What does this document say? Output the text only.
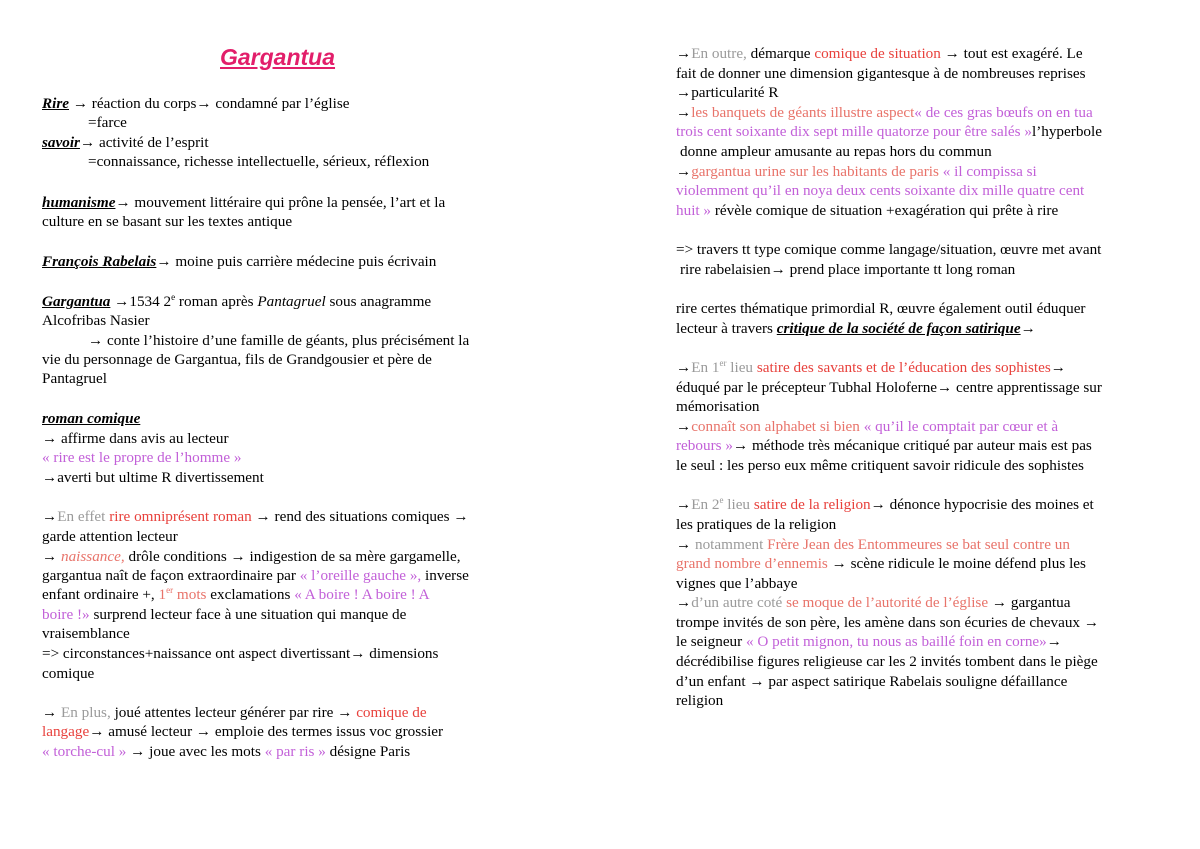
Gargantua
Rire → réaction du corps→ condamné par l’église
=farce
savoir→ activité de l’esprit
=connaissance, richesse intellectuelle, sérieux, réflexion
humanisme→ mouvement littéraire qui prône la pensée, l’art et la
culture en se basant sur les textes antique
François Rabelais→ moine puis carrière médecine puis écrivain
Gargantua →1534 2e roman après Pantagruel sous anagramme
Alcofribas Nasier
→ conte l’histoire d’une famille de géants, plus précisément la
vie du personnage de Gargantua, fils de Grandgousier et père de
Pantagruel
roman comique
→ affirme dans avis au lecteur
« rire est le propre de l’homme »
→averti but ultime R divertissement
→En effet rire omniprésent roman → rend des situations comiques →
garde attention lecteur
→ naissance, drôle conditions → indigestion de sa mère gargamelle,
gargantua naît de façon extraordinaire par « l’oreille gauche », inverse
enfant ordinaire +, 1er mots exclamations « A boire ! A boire ! A
boire !» surprend lecteur face à une situation qui manque de
vraisemblance
=> circonstances+naissance ont aspect divertissant→ dimensions
comique
→ En plus, joué attentes lecteur générer par rire → comique de
langage→ amusé lecteur → emploie des termes issus voc grossier
« torche-cul » → joue avec les mots « par ris » désigne Paris
→En outre, démarque comique de situation → tout est exagéré. Le
fait de donner une dimension gigantesque à de nombreuses reprises
→particularité R
→les banquets de géants illustre aspect« de ces gras bœufs on en tua
trois cent soixante dix sept mille quatorze pour être salés »l’hyperbole
donne ampleur amusante au repas hors du commun
→gargantua urine sur les habitants de paris « il compissa si
violemment qu’il en noya deux cents soixante dix mille quatre cent
huit » révèle comique de situation +exagération qui prête à rire
=> travers tt type comique comme langage/situation, œuvre met avant
rire rabelaisien→ prend place importante tt long roman
rire certes thématique primordial R, œuvre également outil éduquer
lecteur à travers critique de la société de façon satirique→
→En 1er lieu satire des savants et de l’éducation des sophistes→
éduqué par le précepteur Tubhal Holoferne→ centre apprentissage sur
mémorisation
→connaît son alphabet si bien « qu’il le comptait par cœur et à
rebours »→ méthode très mécanique critiqué par auteur mais est pas
le seul : les perso eux même critiquent savoir ridicule des sophistes
→En 2e lieu satire de la religion→ dénonce hypocrisie des moines et
les pratiques de la religion
→ notamment Frère Jean des Entommeures se bat seul contre un
grand nombre d’ennemis → scène ridicule le moine défend plus les
vignes que l’abbaye
→d’un autre coté se moque de l’autorité de l’église → gargantua
trompe invités de son père, les amène dans son écuries de chevaux →
le seigneur « O petit mignon, tu nous as baillé foin en corne»→
décrédibilise figures religieuse car les 2 invités tombent dans le piège
d’un enfant → par aspect satirique Rabelais souligne défaillance
religion
